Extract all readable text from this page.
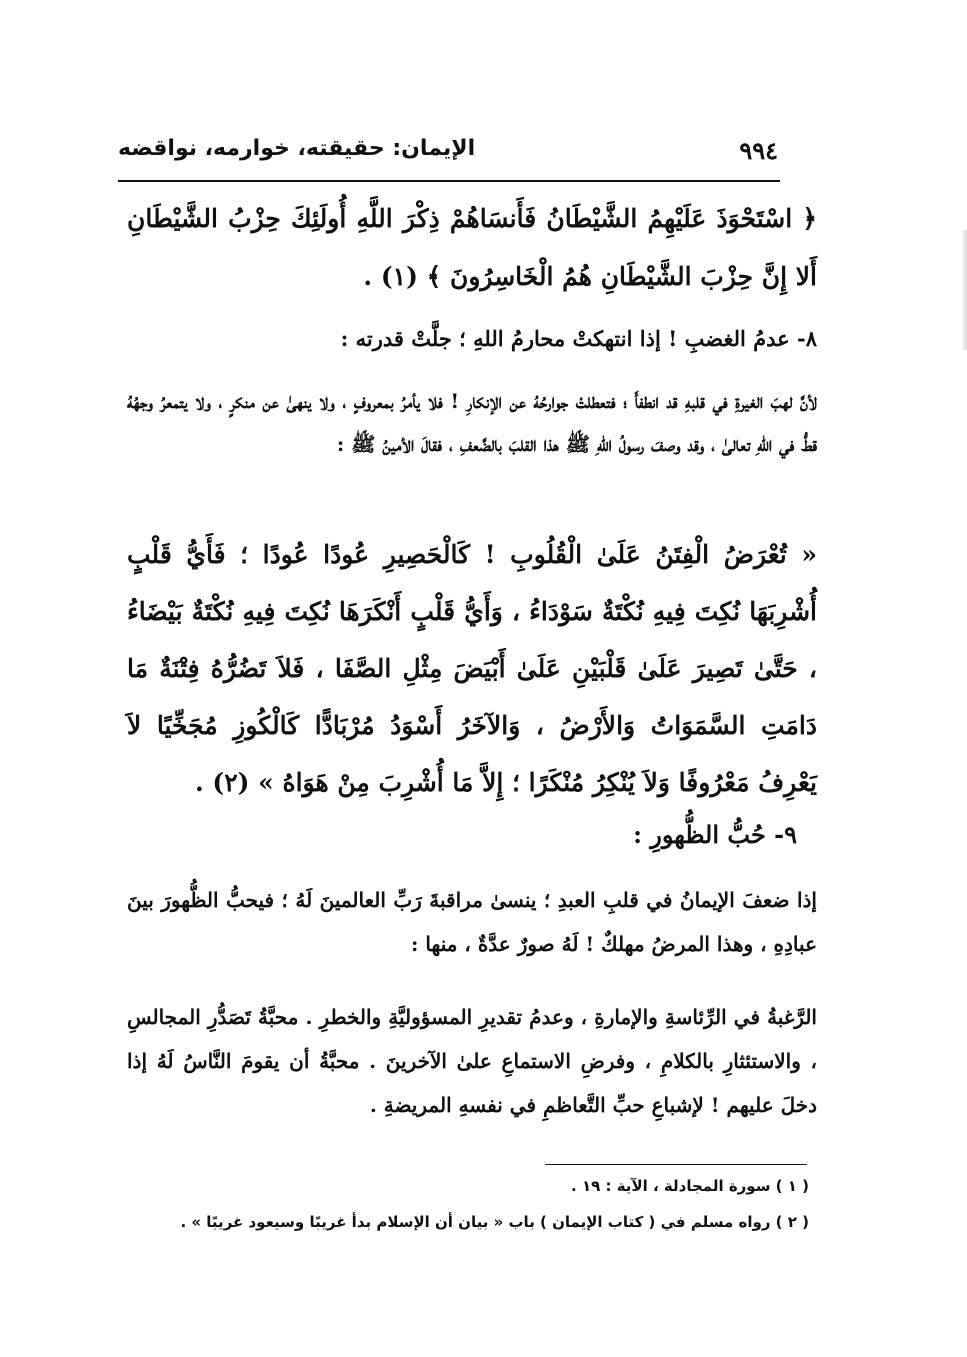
٩٩٤
الإيمان: حقيقته، خوارمه، نواقضه
﴿ اسْتَحْوَذَ عَلَيْهِمُ الشَّيْطَانُ فَأَنسَاهُمْ ذِكْرَ اللَّهِ أُولَئِكَ حِزْبُ الشَّيْطَانِ أَلا إِنَّ حِزْبَ الشَّيْطَانِ هُمُ الْخَاسِرُونَ ﴾ (١) .
٨- عدمُ الغضبِ ! إذا انتهكتْ محارمُ اللهِ ؛ جلَّتْ قدرته :
لأنَّ لهبَ الغيرةِ في قلبهِ قد انطفأَ ؛ فتعطلتْ جوارحُهُ عن الإنكارِ ! فلا يأمرُ بمعروفٍ ، ولا ينهىٰ عن منكرٍ ، ولا يتمعرُ وجهُهُ قطُّ في اللهِ تعالىٰ ، وقد وصفَ رسولُ اللهِ ﷺ هذا القلبَ بالضَّعفِ ، فقالَ الأمينُ ﷺ :
« تُعْرَضُ الْفِتَنُ عَلَىٰ الْقُلُوبِ ! كَالْحَصِيرِ عُودًا عُودًا ؛ فَأَيُّ قَلْبٍ أُشْرِبَهَا نُكِتَ فِيهِ نُكْتَةٌ سَوْدَاءُ ، وَأَيُّ قَلْبٍ أَنْكَرَهَا نُكِتَ فِيهِ نُكْتَةٌ بَيْضَاءُ ، حَتَّىٰ تَصِيرَ عَلَىٰ قَلْبَيْنِ عَلَىٰ أَبْيَضَ مِثْلِ الصَّفَا ، فَلاَ تَضُرُّهُ فِتْنَةٌ مَا دَامَتِ السَّمَوَاتُ وَالأَرْضُ ، وَالآخَرُ أَسْوَدُ مُرْبَادًّا كَالْكُوزِ مُجَخِّيًا لاَ يَعْرِفُ مَعْرُوفًا وَلاَ يُنْكِرُ مُنْكَرًا ؛ إِلاَّ مَا أُشْرِبَ مِنْ هَوَاهُ » (٢) .
٩- حُبُّ الظُّهورِ :
إذا ضعفَ الإيمانُ في قلبِ العبدِ ؛ ينسىٰ مراقبةَ رَبِّ العالمينَ لَهُ ؛ فيحبُّ الظُّهورَ بينَ عبادِهِ ، وهذا المرضُ مهلكٌ ! لَهُ صورٌ عدَّةٌ ، منها :
الرَّغبةُ في الرِّئاسةِ والإمارةِ ، وعدمُ تقديرِ المسؤوليَّةِ والخطرِ . محبَّةُ تَصَدُّرِ المجالسِ ، والاستئثارِ بالكلامِ ، وفرضِ الاستماعِ علىٰ الآخرينَ . محبَّةُ أن يقومَ النَّاسُ لَهُ إذا دخلَ عليهم ! لإشباعِ حبِّ التَّعاظمِ في نفسهِ المريضةِ .
( ١ ) سورة المجادلة ، الآية : ١٩ .
( ٢ ) رواه مسلم في ( كتاب الإيمان ) باب « بيان أن الإسلام بدأ غريبًا وسيعود غريبًا » .
